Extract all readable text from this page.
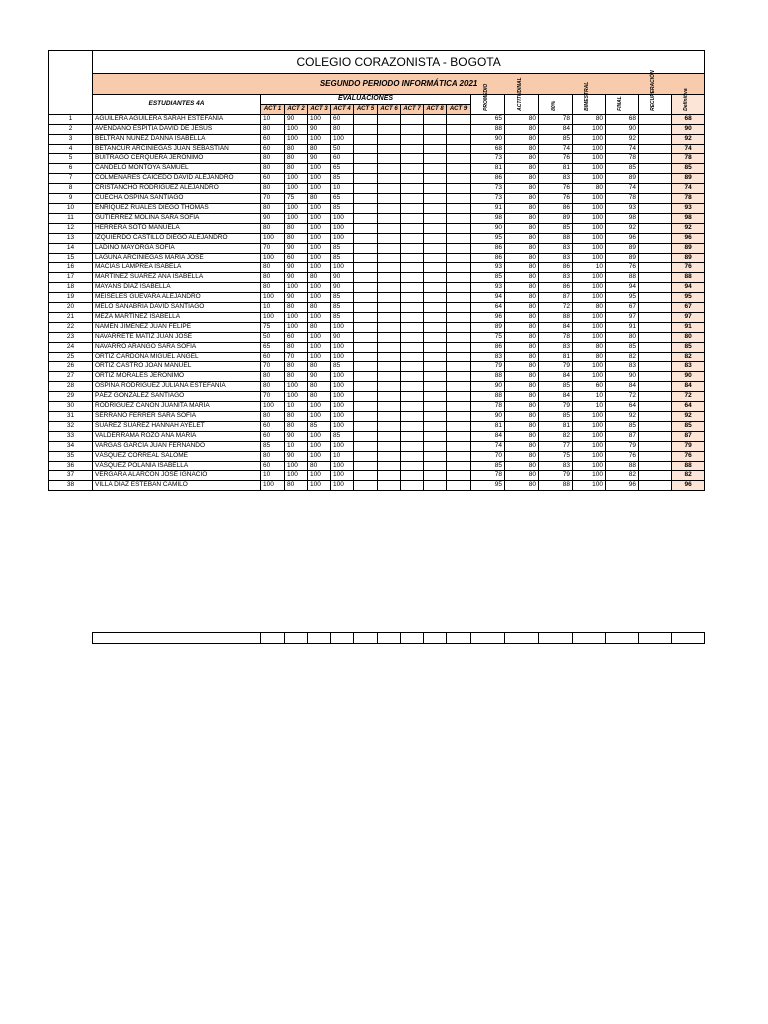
	COLEGIO CORAZONISTA - BOGOTA																
	SEGUNDO PERIODO INFORMÁTICA 2021																
	ESTUDIANTES 4A	EVALUACIONES									PROMEDIO	ACTITUDINAL	80%	BIMESTRAL	FINAL	RECUPERACIÓN	Definitiva

		ACT 1	ACT 2	ACT 3	ACT 4	ACT 5	ACT 6	ACT 7	ACT 8	ACT 9							
1	AGUILERA AGUILERA SARAH ESTEFANÍA	10	90	100	60						65	80	78	80	68		68
2	AVENDAÑO ESPITIA DAVID DE JESÚS	80	100	90	80						88	80	84	100	90		90
3	BELTRÁN NUÑEZ DANNA ISABELLA	60	100	100	100						90	80	85	100	92		92
4	BETANCUR ARCINIEGAS JUAN SEBASTIÁN	60	80	80	50						68	80	74	100	74		74
5	BUITRAGO CERQUERA JERÓNIMO	80	80	90	60						73	80	76	100	78		78
6	CANDELO MONTOYA SAMUEL	80	80	100	65						81	80	81	100	85		85
7	COLMENARES CAICEDO DAVID ALEJANDRO	60	100	100	85						86	80	83	100	89		89
8	CRISTANCHO RODRIGUEZ ALEJANDRO	80	100	100	10						73	80	76	80	74		74
9	CUECHA OSPINA SANTIAGO	70	75	80	65						73	80	76	100	78		78
10	ENRÍQUEZ RUALES DIEGO THOMÁS	80	100	100	85						91	80	86	100	93		93
11	GUTIÉRREZ MOLINA SARA SOFÍA	90	100	100	100						98	80	89	100	98		98
12	HERRERA SOTO MANUELA	80	80	100	100						90	80	85	100	92		92
13	IZQUIERDO CASTILLO DIEGO ALEJANDRO	100	80	100	100						95	80	88	100	96		96
14	LADINO MAYORGA SOFÍA	70	90	100	85						86	80	83	100	89		89
15	LAGUNA ARCINIEGAS MARÍA JOSÉ	100	60	100	85						86	80	83	100	89		89
16	MACÍAS LAMPREA ISABELA	80	90	100	100						93	80	86	10	76		76
17	MARTÍNEZ SUÁREZ ANA ISABELLA	80	90	80	90						85	80	83	100	88		88
18	MAYANS DÍAZ ISABELLA	80	100	100	90						93	80	86	100	94		94
19	MEISELES GUEVARA ALEJANDRO	100	90	100	85						94	80	87	100	95		95
20	MELO SANABRIA DAVID SANTIAGO	10	80	80	85						64	80	72	80	67		67
21	MEZA MARTÍNEZ ISABELLA	100	100	100	85						96	80	88	100	97		97
22	NAMÉN JIMÉNEZ JUAN FELIPE	75	100	80	100						89	80	84	100	91		91
23	NAVARRETE MATÍZ JUAN JOSÉ	50	60	100	90						75	80	78	100	80		80
24	NAVARRO ARANGO SARA SOFÍA	65	80	100	100						86	80	83	80	85		85
25	ORTIZ CARDONA MIGUEL ÁNGEL	60	70	100	100						83	80	81	80	82		82
26	ORTIZ CASTRO JOAN MANUEL	70	80	80	85						79	80	79	100	83		83
27	ORTIZ MORALES JERÓNIMO	80	80	90	100						88	80	84	100	90		90
28	OSPINA RODRÍGUEZ JULIANA ESTEFANÍA	80	100	80	100						90	80	85	60	84		84
29	PÁEZ GONZÁLEZ SANTIAGO	70	100	80	100						88	80	84	10	72		72
30	RODRÍGUEZ CAÑÓN JUANITA MARÍA	100	10	100	100						78	80	79	10	64		64
31	SERRANO FERRER SARA SOFÍA	80	80	100	100						90	80	85	100	92		92
32	SUÁREZ SUÁREZ HANNAH AYELET	60	80	85	100						81	80	81	100	85		85
33	VALDERRAMA ROZO ANA MARÍA	60	90	100	85						84	80	82	100	87		87
34	VARGAS GARCÍA JUAN FERNANDO	85	10	100	100						74	80	77	100	79		79
35	VÁSQUEZ CORREAL SALOME	80	90	100	10						70	80	75	100	76		76
36	VÁSQUEZ POLANÍA ISABELLA	60	100	80	100						85	80	83	100	88		88
37	VERGARA ALARCÓN JOSÉ IGNACIO	10	100	100	100						78	80	79	100	82		82
38	VILLA DÍAZ ESTEBAN CAMILO	100	80	100	100						95	80	88	100	96		96
